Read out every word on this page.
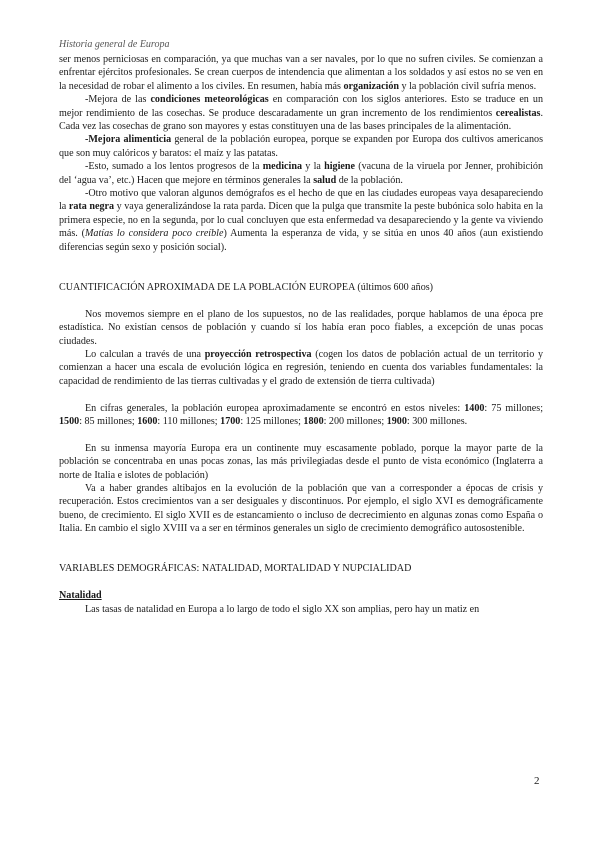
Historia general de Europa

ser menos perniciosas en comparación, ya que muchas van a ser navales, por lo que no sufren civiles. Se comienzan a enfrentar ejércitos profesionales. Se crean cuerpos de intendencia que alimentan a los soldados y así estos no se ven en la necesidad de robar el alimento a los civiles. En resumen, había más organización y la población civil sufría menos.

-Mejora de las condiciones meteorológicas en comparación con los siglos anteriores. Esto se traduce en un mejor rendimiento de las cosechas. Se produce descaradamente un gran incremento de los rendimientos cerealistas. Cada vez las cosechas de grano son mayores y estas constituyen una de las bases principales de la alimentación.

-Mejora alimenticia general de la población europea, porque se expanden por Europa dos cultivos americanos que son muy calóricos y baratos: el maíz y las patatas.

-Esto, sumado a los lentos progresos de la medicina y la higiene (vacuna de la viruela por Jenner, prohibición del ‘agua va’, etc.) Hacen que mejore en términos generales la salud de la población.

-Otro motivo que valoran algunos demógrafos es el hecho de que en las ciudades europeas vaya desapareciendo la rata negra y vaya generalizándose la rata parda. Dicen que la pulga que transmite la peste bubónica solo habita en la primera especie, no en la segunda, por lo cual concluyen que esta enfermedad va desapareciendo y la gente va viviendo más. (Matías lo considera poco creíble) Aumenta la esperanza de vida, y se sitúa en unos 40 años (aun existiendo diferencias según sexo y posición social).

CUANTIFICACIÓN APROXIMADA DE LA POBLACIÓN EUROPEA (últimos 600 años)

Nos movemos siempre en el plano de los supuestos, no de las realidades, porque hablamos de una época pre estadística. No existían censos de población y cuando sí los había eran poco fiables, a excepción de unas pocas ciudades.

Lo calculan a través de una proyección retrospectiva (cogen los datos de población actual de un territorio y comienzan a hacer una escala de evolución lógica en regresión, teniendo en cuenta dos variables fundamentales: la capacidad de rendimiento de las tierras cultivadas y el grado de extensión de tierra cultivada)

En cifras generales, la población europea aproximadamente se encontró en estos niveles: 1400: 75 millones; 1500: 85 millones; 1600: 110 millones; 1700: 125 millones; 1800: 200 millones; 1900: 300 millones.

En su inmensa mayoría Europa era un continente muy escasamente poblado, porque la mayor parte de la población se concentraba en unas pocas zonas, las más privilegiadas desde el punto de vista económico (Inglaterra a norte de Italia e islotes de población)

Va a haber grandes altibajos en la evolución de la población que van a corresponder a épocas de crisis y recuperación. Estos crecimientos van a ser desiguales y discontinuos. Por ejemplo, el siglo XVI es demográficamente bueno, de crecimiento. El siglo XVII es de estancamiento o incluso de decrecimiento en algunas zonas como España o Italia. En cambio el siglo XVIII va a ser en términos generales un siglo de crecimiento demográfico autosostenible.

VARIABLES DEMOGRÁFICAS: NATALIDAD, MORTALIDAD Y NUPCIALIDAD

Natalidad

Las tasas de natalidad en Europa a lo largo de todo el siglo XX son amplias, pero hay un matiz en

2
